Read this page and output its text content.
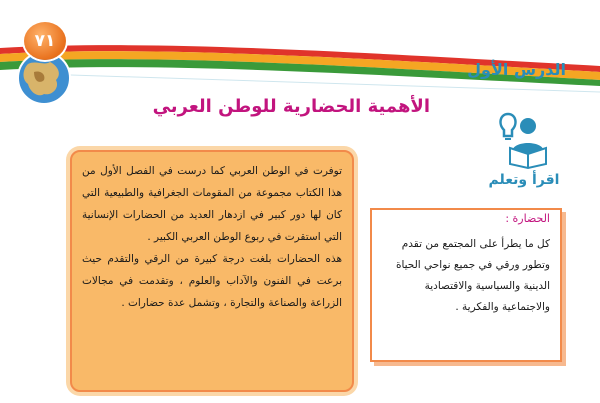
٧١
الدرس الأول
الأهمية الحضارية للوطن العربي
اقرأ وتعلم

توفرت في الوطن العربي كما درست في الفصل الأول من هذا الكتاب مجموعة من المقومات الجغرافية والطبيعية التي كان لها دور كبير في ازدهار العديد من الحضارات الإنسانية التي استقرت في ربوع الوطن العربي الكبير .

هذه الحضارات بلغت درجة كبيرة من الرقي والتقدم حيث برعت في الفنون والآداب والعلوم ، وتقدمت في مجالات الزراعة والصناعة والتجارة ، وتشمل عدة حضارات .

الحضارة :
كل ما يطرأ على المجتمع من تقدم وتطور ورقي في جميع نواحي الحياة الدينية والسياسية والاقتصادية والاجتماعية والفكرية .
